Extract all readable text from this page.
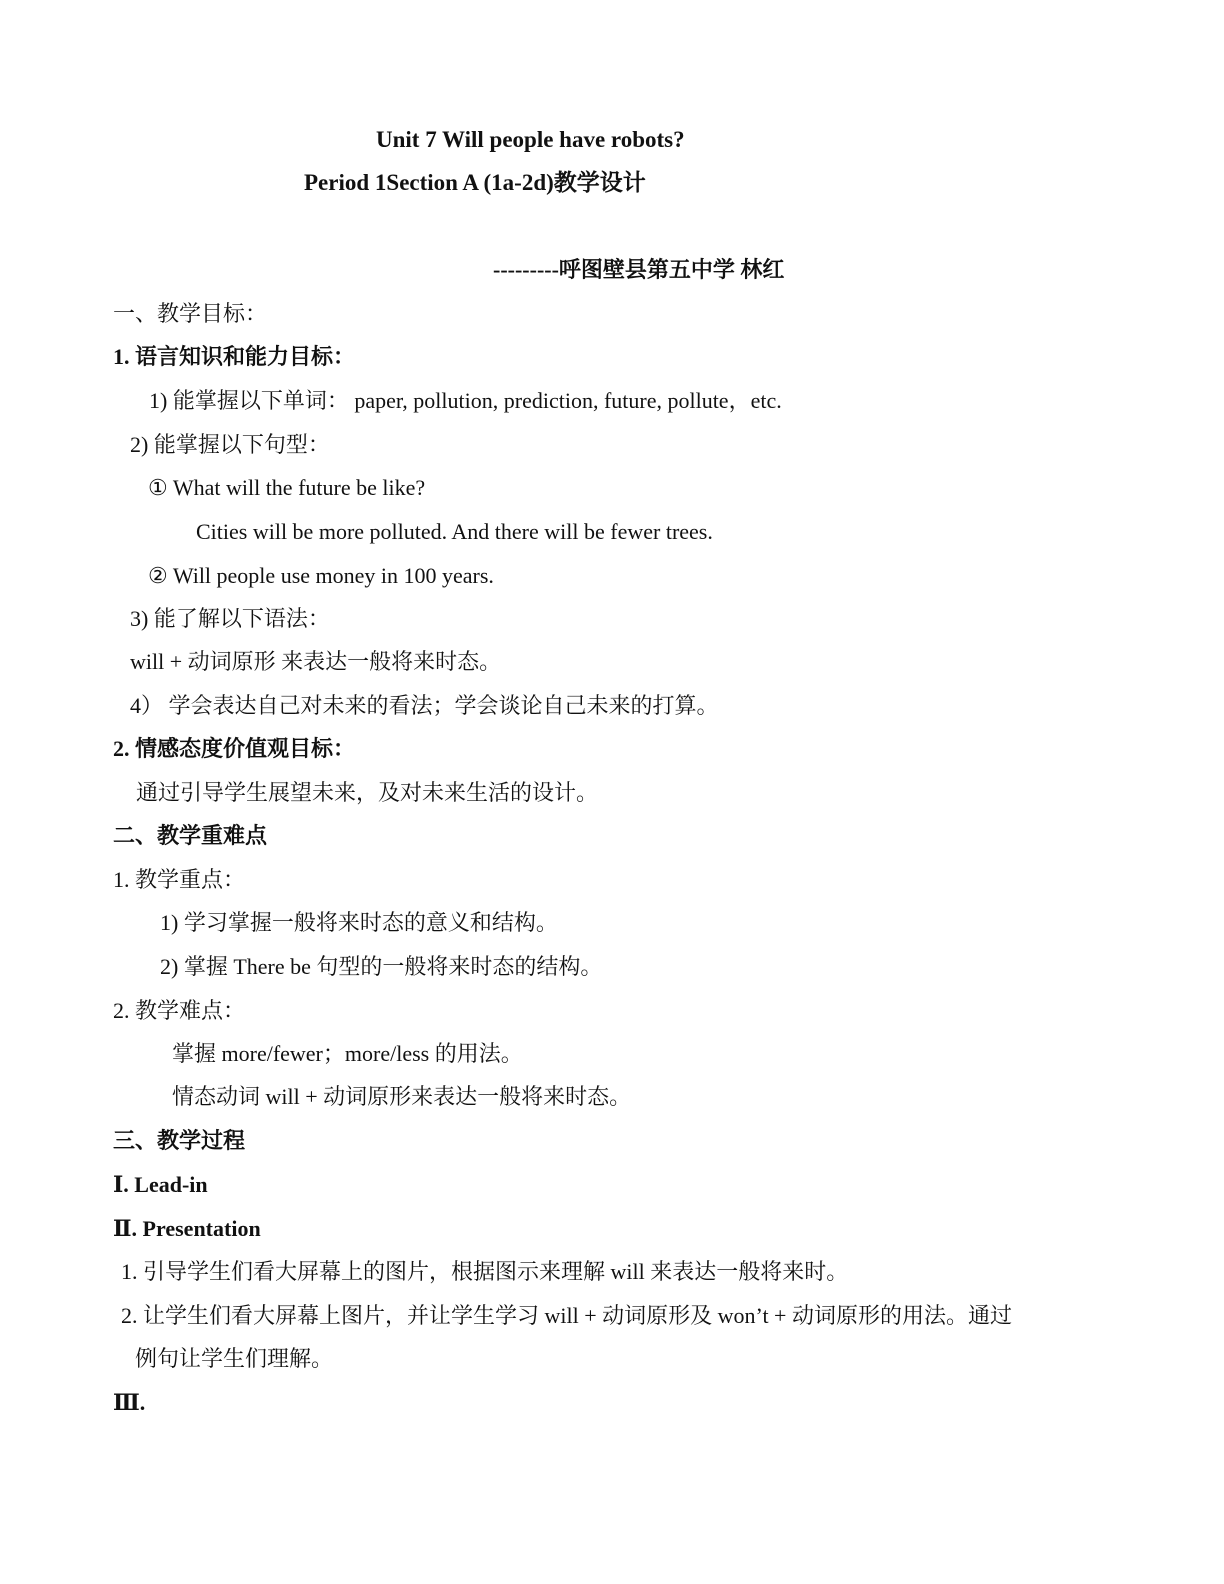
Unit 7 Will people have robots?
Period 1Section A (1a-2d)教学设计
---------呼图壁县第五中学 林红
一、教学目标：
1. 语言知识和能力目标：
1) 能掌握以下单词： paper, pollution, prediction, future, pollute，etc.
2) 能掌握以下句型：
① What will the future be like?
Cities will be more polluted. And there will be fewer trees.
② Will people use money in 100 years.
3) 能了解以下语法：
will + 动词原形 来表达一般将来时态。
4） 学会表达自己对未来的看法；学会谈论自己未来的打算。
2. 情感态度价值观目标：
通过引导学生展望未来，及对未来生活的设计。
二、教学重难点
1. 教学重点：
1) 学习掌握一般将来时态的意义和结构。
2) 掌握 There be 句型的一般将来时态的结构。
2. 教学难点：
掌握 more/fewer；more/less 的用法。
情态动词 will + 动词原形来表达一般将来时态。
三、教学过程
Ⅰ. Lead-in
Ⅱ. Presentation
1. 引导学生们看大屏幕上的图片，根据图示来理解 will 来表达一般将来时。
2. 让学生们看大屏幕上图片，并让学生学习 will + 动词原形及 won’t + 动词原形的用法。通过
例句让学生们理解。
Ⅲ.
